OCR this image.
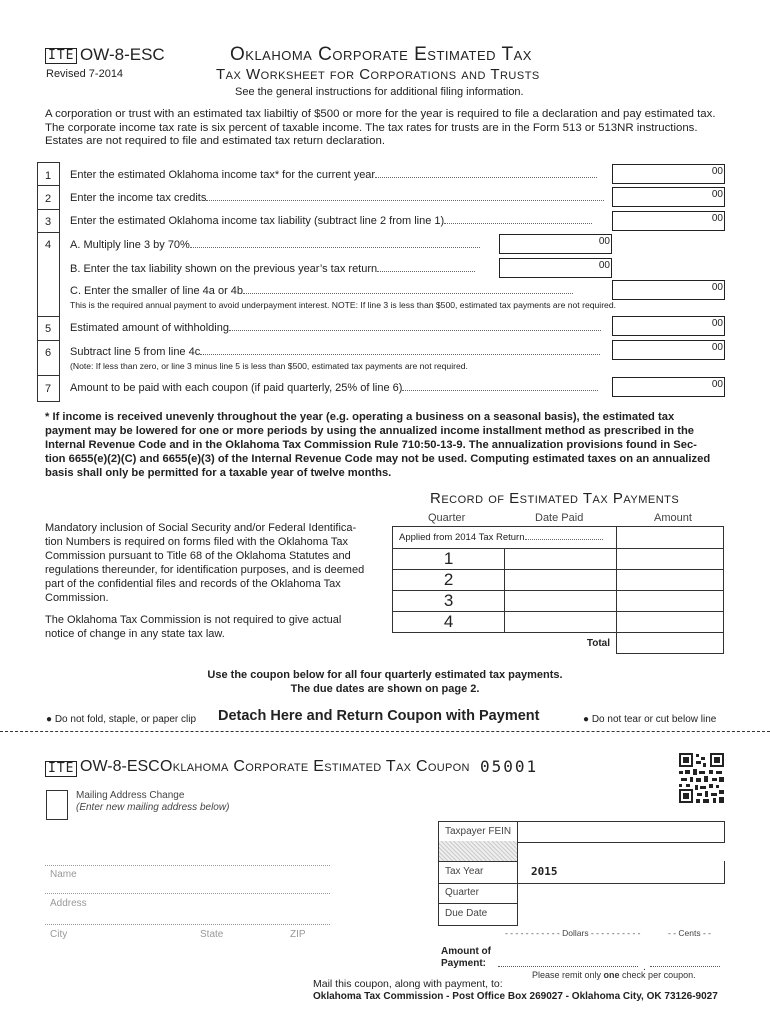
ITE OW-8-ESC
Revised 7-2014
Oklahoma Corporate Estimated Tax
Tax Worksheet for Corporations and Trusts
See the general instructions for additional filing information.
A corporation or trust with an estimated tax liabiltiy of $500 or more for the year is required to file a declaration and pay estimated tax.
The corporate income tax rate is six percent of taxable income. The tax rates for trusts are in the Form 513 or 513NR instructions.
Estates are not required to file and estimated tax return declaration.
1	Enter the estimated Oklahoma income tax* for the current year	00
2	Enter the income tax credits	00
3	Enter the estimated Oklahoma income tax liability (subtract line 2 from line 1)	00
4	A. Multiply line 3 by 70%	00
B. Enter the tax liability shown on the previous year’s tax return	00
C. Enter the smaller of line 4a or 4b	00
This is the required annual payment to avoid underpayment interest. NOTE: If line 3 is less than $500, estimated tax payments are not required.
5	Estimated amount of withholding	00
6	Subtract line 5 from line 4c	00
(Note: If less than zero, or line 3 minus line 5 is less than $500, estimated tax payments are not required.
7	Amount to be paid with each coupon (if paid quarterly, 25% of line 6)	00
* If income is received unevenly throughout the year (e.g. operating a business on a seasonal basis), the estimated tax
payment may be lowered for one or more periods by using the annualized income installment method as prescribed in the
Internal Revenue Code and in the Oklahoma Tax Commission Rule 710:50-13-9. The annualization provisions found in Sec-
tion 6655(e)(2)(C) and 6655(e)(3) of the Internal Revenue Code may not be used. Computing estimated taxes on an annualized
basis shall only be permitted for a taxable year of twelve months.
Record of Estimated Tax Payments
Quarter	Date Paid	Amount
Applied from 2014 Tax Return		
1		
2		
3		
4		
Total		
Mandatory inclusion of Social Security and/or Federal Identifica-
tion Numbers is required on forms filed with the Oklahoma Tax
Commission pursuant to Title 68 of the Oklahoma Statutes and
regulations thereunder, for identification purposes, and is deemed
part of the confidential files and records of the Oklahoma Tax
Commission.
The Oklahoma Tax Commission is not required to give actual
notice of change in any state tax law.
Use the coupon below for all four quarterly estimated tax payments.
The due dates are shown on page 2.
● Do not fold, staple, or paper clip Detach Here and Return Coupon with Payment	● Do not tear or cut below line
ITE OW-8-ESC Oklahoma Corporate Estimated Tax Coupon 05001
Mailing Address Change
(Enter new mailing address below)
Taxpayer FEIN
Tax Year	2015
Quarter
Due Date
Name
Address
City	State	ZIP	- - - - - - - - - - - Dollars - - - - - - - - - -	- - Cents - -
Amount of
Payment:	.
Please remit only one check per coupon.
Mail this coupon, along with payment, to:
Oklahoma Tax Commission - Post Office Box 269027 - Oklahoma City, OK 73126-9027
